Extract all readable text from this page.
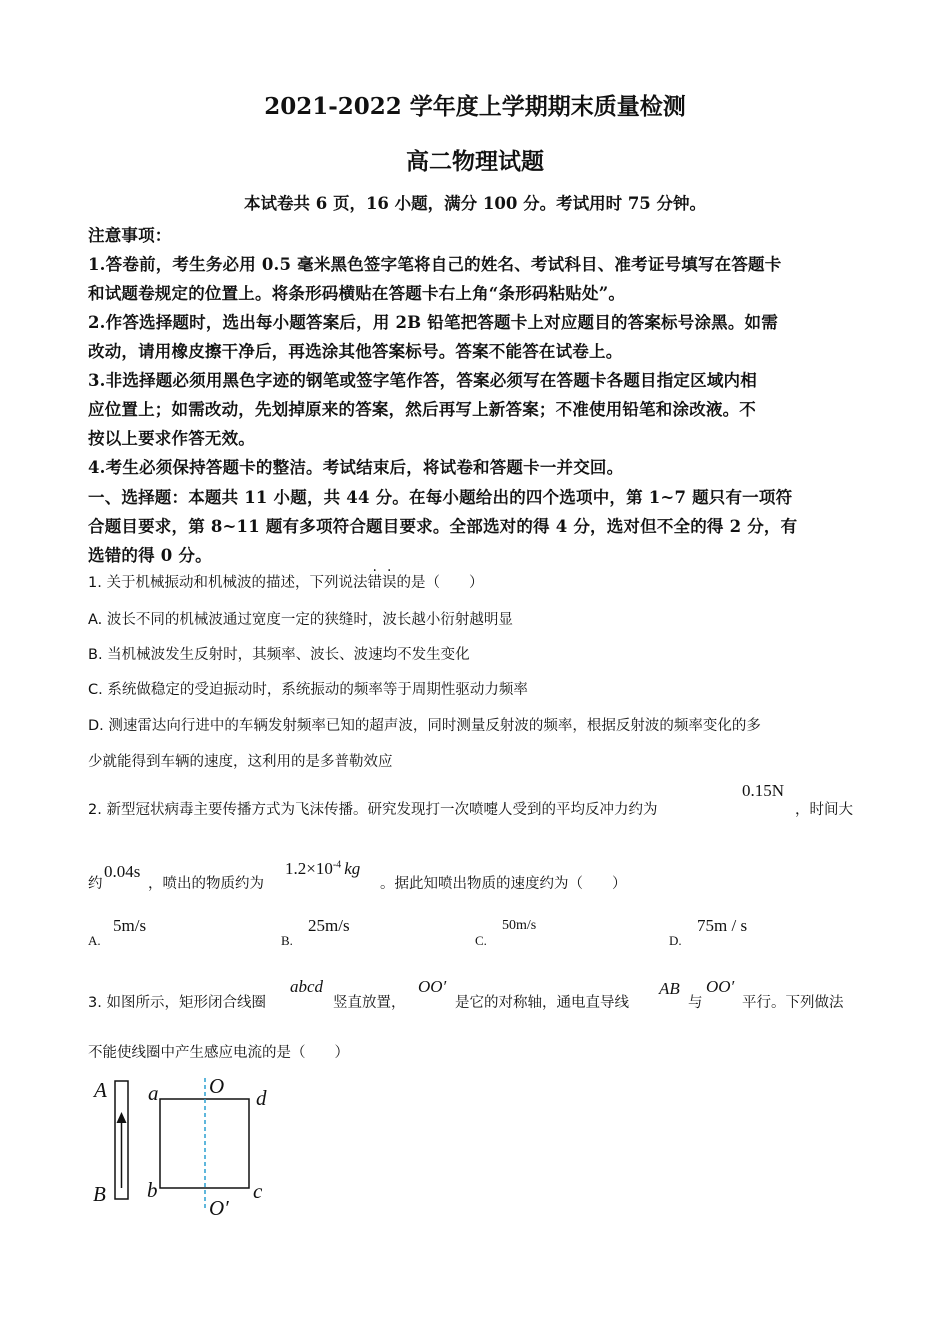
2021-2022 学年度上学期期末质量检测
高二物理试题
本试卷共 6 页，16 小题，满分 100 分。考试用时 75 分钟。
注意事项：
1.答卷前，考生务必用 0.5 毫米黑色签字笔将自己的姓名、考试科目、准考证号填写在答题卡
和试题卷规定的位置上。将条形码横贴在答题卡右上角“条形码粘贴处”。
2.作答选择题时，选出每小题答案后，用 2B 铅笔把答题卡上对应题目的答案标号涂黑。如需
改动，请用橡皮擦干净后，再选涂其他答案标号。答案不能答在试卷上。
3.非选择题必须用黑色字迹的钢笔或签字笔作答，答案必须写在答题卡各题目指定区域内相
应位置上；如需改动，先划掉原来的答案，然后再写上新答案；不准使用铅笔和涂改液。不
按以上要求作答无效。
4.考生必须保持答题卡的整洁。考试结束后，将试卷和答题卡一并交回。
一、选择题：本题共 11 小题，共 44 分。在每小题给出的四个选项中，第 1~7 题只有一项符
合题目要求，第 8~11 题有多项符合题目要求。全部选对的得 4 分，选对但不全的得 2 分，有
选错的得 0 分。
1. 关于机械振动和机械波的描述，下列说法错误的是（　　）
A. 波长不同的机械波通过宽度一定的狭缝时，波长越小衍射越明显
B. 当机械波发生反射时，其频率、波长、波速均不发生变化
C. 系统做稳定的受迫振动时，系统振动的频率等于周期性驱动力频率
D. 测速雷达向行进中的车辆发射频率已知的超声波，同时测量反射波的频率，根据反射波的频率变化的多
少就能得到车辆的速度，这利用的是多普勒效应
2. 新型冠状病毒主要传播方式为飞沫传播。研究发现打一次喷嚏人受到的平均反冲力约为
0.15N
，时间大
约
0.04s
，喷出的物质约为
$1.2\times 10^{-4}$ kg
。据此知喷出物质的速度约为（　　）
A.
5m/s
B.
25m/s
C.
50m/s
D.
75m / s
3. 如图所示，矩形闭合线圈
abcd
竖直放置，
OO′
是它的对称轴，通电直导线
AB
与
OO′
平行。下列做法
不能使线圈中产生感应电流的是（　　）
A
B
a
b	c
d
O
O′
